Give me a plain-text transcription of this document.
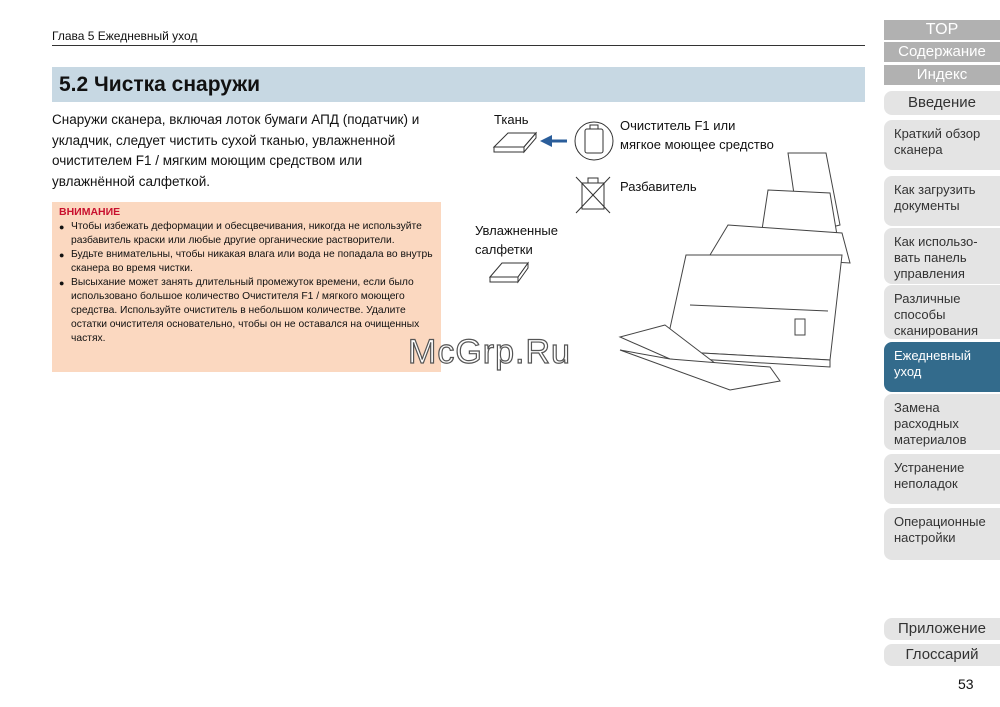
Глава 5 Ежедневный уход
5.2 Чистка снаружи
Снаружи сканера, включая лоток бумаги АПД (податчик) и
укладчик, следует чистить сухой тканью, увлажненной
очистителем F1 / мягким моющим средством или
увлажнённой салфеткой.
ВНИМАНИЕ
● Чтобы избежать деформации и обесцвечивания, никогда не используйте разбавитель краски или любые другие органические растворители.
● Будьте внимательны, чтобы никакая влага или вода не попадала во внутрь сканера во время чистки.
● Высыхание может занять длительный промежуток времени, если было использовано большое количество Очистителя F1 / мягкого моющего средства. Используйте очиститель в небольшом количестве. Удалите остатки очистителя основательно, чтобы он не оставался на очищенных частях.
Ткань	Очиститель F1 или
мягкое моющее средство
Разбавитель
Увлажненные
салфетки
McGrp.Ru
TOP
Содержание
Индекс
Введение
Краткий обзор
сканера
Как загрузить
документы
Как использо-
вать панель
управления
Различные
способы
сканирования
Ежедневный
уход
Замена
расходных
материалов
Устранение
неполадок
Операционные
настройки
Приложение
Глоссарий
53
